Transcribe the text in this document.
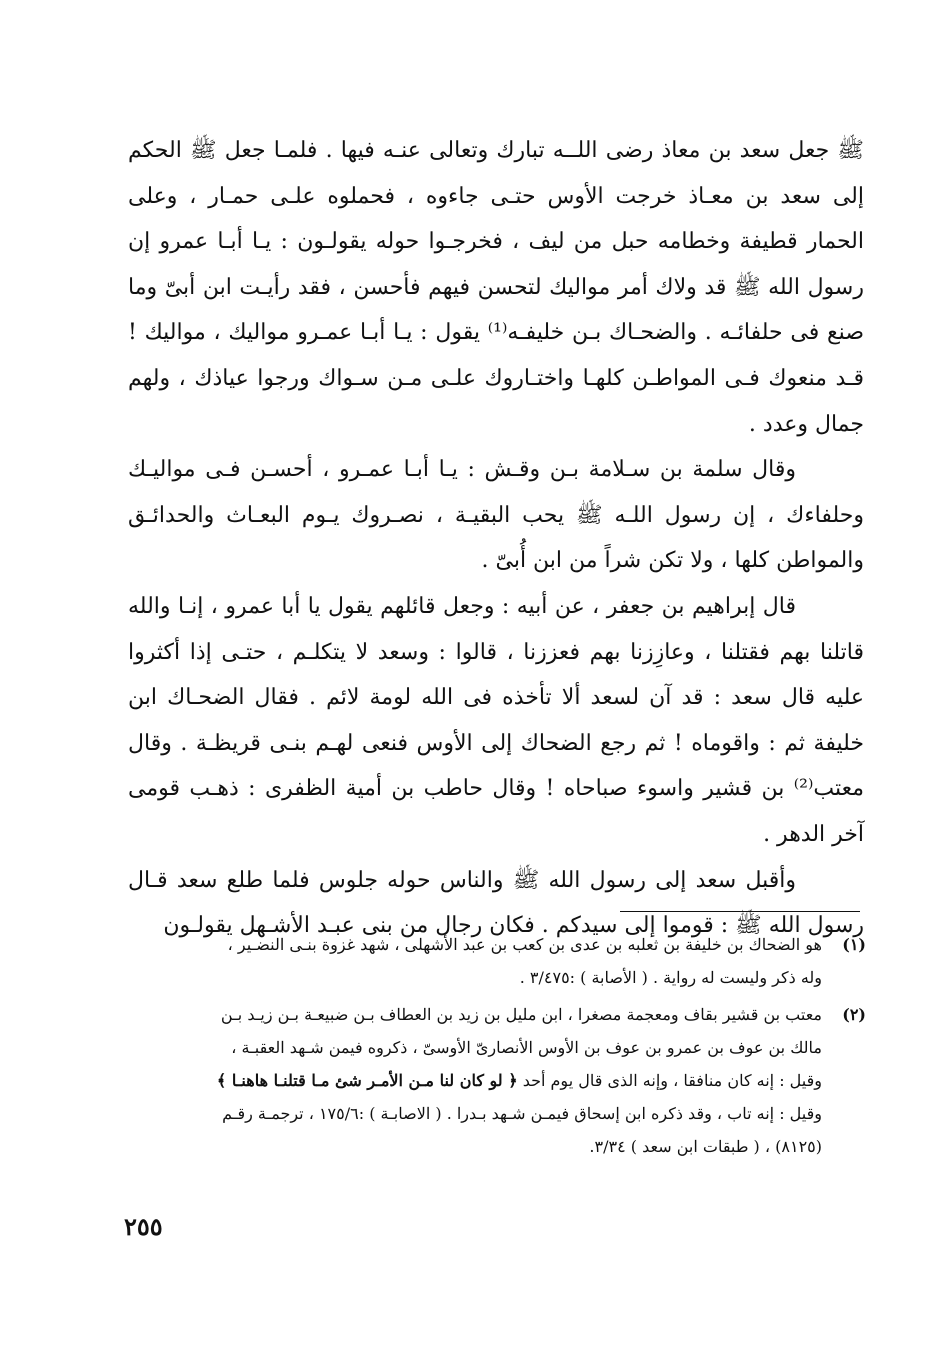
ﷺ جعل سعد بن معاذ رضى اللــه تبارك وتعالى عنـه فيها . فلمـا جعل ﷺ الحكم إلى سعد بن معـاذ خرجت الأوس حتـى جاءوه ، فحملوه علـى حمـار ، وعلى الحمار قطيفة وخطامه حبل من ليف ، فخرجـوا حوله يقولـون : يـا أبـا عمرو إن رسول الله ﷺ قد ولاك أمر مواليك لتحسن فيهم فأحسن ، فقد رأيـت ابن أبىّ وما صنع فى حلفائـه . والضحـاك بـن خليفـه⁽¹⁾ يقول : يـا أبـا عمـرو مواليك ، مواليك ! قـد منعوك فـى المواطـن كلهـا واختـاروك علـى مـن سـواك ورجوا عياذك ، ولهم جمال وعدد .

وقال سلمة بن سـلامة بـن وقـش : يـا أبـا عمـرو ، أحسـن فـى مواليـك وحلفاءك ، إن رسول اللـه ﷺ يحب البقيـة ، نصـروك يـوم البعـاث والحدائـق والمواطن كلها ، ولا تكن شراً من ابن أُبىّ .

قال إبراهيم بن جعفر ، عن أبيه : وجعل قائلهم يقول يا أبا عمرو ، إنـا والله قاتلنا بهم فقتلنا ، وعازِزنا بهم فعززنا ، قالوا : وسعد لا يتكلـم ، حتـى إذا أكثروا عليه قال سعد : قد آن لسعد ألا تأخذه فى الله لومة لائم . فقال الضحـاك ابن خليفة ثم : واقوماه ! ثم رجع الضحاك إلى الأوس فنعى لهـم بنـى قريظـة . وقال معتب⁽²⁾ بن قشير واسوء صباحاه ! وقال حاطب بن أمية الظفرى : ذهـب قومى آخر الدهر .

وأقبل سعد إلى رسول الله ﷺ والناس حوله جلوس فلما طلع سعد قـال رسول الله ﷺ : قوموا إلى سيدكم . فكان رجال من بنى عبـد الأشـهل يقولـون

(١)
هو الضحاك بن خليفة بن ثعلبه بن عدى بن كعب بن عبد الأشهلى ، شهد غزوة بنـى النضـير ،
وله ذكر وليست له رواية . ( الأصابة ) :٣/٤٧٥ .
(٢)
معتب بن قشير بقاف ومعجمة مصغرا ، ابن مليل بن زيد بن العطاف بـن ضبيعـة بـن زيـد بـن
مالك بن عوف بن عمرو بن عوف بن الأوس الأنصارىّ الأوسىّ ، ذكروه فيمن شـهد العقبـة ،
وقيل : إنه كان منافقا ، وإنه الذى قال يوم أحد ﴿ لو كان لنا مـن الأمـر شئ مـا قتلنـا هاهنـا ﴾
وقيل : إنه تاب ، وقد ذكره ابن إسحاق فيمـن شـهد بـدرا . ( الاصابـة ) :١٧٥/٦ ، ترجمـة رقـم
(٨١٢٥) ، ( طبقات ابن سعد ) ٣/٣٤.
٢٥٥
